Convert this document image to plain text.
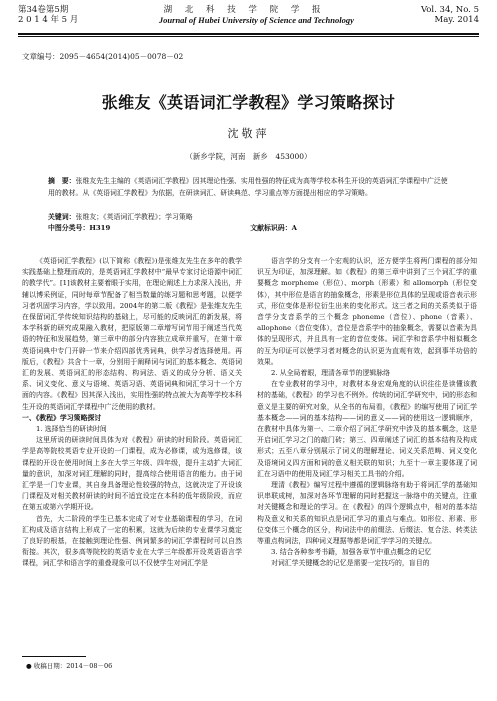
第34卷第5期	湖 北 科 技 学 院 学 报	Vol. 34, No. 5
2 0 1 4 年 5 月	Journal of Hubei University of Science and Technology	May. 2014
文章编号：2095－4654(2014)05－0078－02
张维友《英语词汇学教程》学习策略探讨
沈敬萍
（新乡学院，河南　新乡　453000）
摘　要：张维友先生主编的《英语词汇学教程》因其理论性强、实用性强的特征成为高等学校本科生开设的英语词汇学课程中广泛使用的教材。从《英语词汇学教程》为依据，在研读词汇、研读典范、学习重点等方面提出相应的学习策略。
关键词：张维友；《英语词汇学教程》；学习策略
中图分类号：H319	文献标识码：A

《英语词汇学教程》(以下简称《教程》)是张维友先生在多年的教学实践基础上整理而成的，是英语词汇学教材中“最早专家讨论语源中词汇的教学代”。[1]该教材主要着眼于实用，在理论阐述上力求深入浅出，并辅以博采例证，同时每章节配备了相当数量的练习题和思考题，以便学习者巩固学习内容，学以致用。2004年的第二版《教程》是张维友先生在保留词汇学传统知识结构的基础上，尽可能的反映词汇的新发展，将本学科新的研究成果融入教材，把原版第二章增写词节用于阐述当代英语的特征和发展趋势，第三章中的部分内容独立成章并重写，在第十章英语词典中专门开辟一节来介绍四部优秀词典，供学习者选择使用。再版后，《教程》共含十一章，分别用于阐释词与词汇的基本概念、英语词汇的发展、英语词汇的形态结构、构词法、语义的成分分析、语义关系、词义变化、意义与语境、英语习语、英语词典和词汇学习十一个方面的内容。《教程》因其深入浅出，实用性强的特点被大为高等学校本科生开设的英语词汇学课程中广泛使用的教材。

一、《教程》学习策略探讨
1. 选择恰当的研读时间

这里所说的研读时间具体为对《教程》研读的时间阶段。英语词汇学是高等院校英语专业开设的一门课程，成为必修课，或为选修课，该课程的开设在使用时间上多在大学三年级、四年级，提升主动扩大词汇量的意识，加深对词汇理解的同时，提高综合使用语言的能力。由于词汇学是一门专业课，其自身具备理论性较强的特点，这就决定了开设该门课程及对相关教材研读的时间不适宜设定在本科的低年级阶段，而应在第五或第六学期开设。

首先，大二阶段的学生已基本完成了对专业基础课程的学习，在词汇构成及语言结构上形成了一定的积累，这就为后续的专业课学习奠定了良好的根基，在接触到理论性强、例词繁多的词汇学课程时可以自然衔接。其次，很多高等院校的英语专业在大学三年级都开设英语语言学课程，词汇学和语言学的重叠现象可以不仅使学生对词汇学是

语言学的分支有一个宏观的认识，还方便学生将两门课程的部分知识互为印证，加深理解。如《教程》的第三章中讲到了三个词汇学的重要概念 morpheme（形位）、morph（形素）和 allomorph（形位变体），其中形位是语言的抽象概念，形素是形位具体的呈现或语音表示形式，形位变体是形位衍生出来的变化形式。这三者之间的关系类似于语音学分支音系学的三个概念 phoneme（音位）、phone（音素）、allophone（音位变体），音位是音系学中的抽象概念，需要以音素为具体的呈现形式，并且具有一定的音位变体。词汇学和音系学中相似概念的互为印证可以使学习者对概念的认识更为直观有效，起到事半功倍的效果。

2. 从全局着眼，理清各章节的逻辑脉络

在专业教材的学习中，对教材本身宏观角度的认识往往是读懂该教材的基础，《教程》的学习也不例外。传统的词汇学研究中，词的形态和意义是主要的研究对象，从全书的布局看，《教程》的编写使用了词汇学基本概念——词的基本结构——词的意义——词的使用这一逻辑顺序，在教材中具体为第一、二章介绍了词汇学研究中涉及的基本概念，这是开启词汇学习之门的敲门砖；第三、四章阐述了词汇的基本结构及构成形式；五至八章分别展示了词义的理解理论、词义关系范畴、词义变化及语境词义四方面和词的意义相关联的知识；九至十一章主要体现了词汇在习语中的使用及词汇学习相关工具书的介绍。

理清《教程》编写过程中遵循的逻辑脉络有助于将词汇学的基础知识串联成树，加深对各环节理解的同时把握这一脉络中的关键点，注重对关键概念和理论的学习。在《教程》的四个逻辑点中，相对的基本结构及意义和关系的知识点是词汇学习的重点与难点。如形位、形素、形位变体三个概念的区分，构词法中的前缀法、后缀法、复合法、转类法等重点构词法，四种词义理据等都是词汇学学习的关键点。

3. 结合各种参考书籍，加强各章节中重点概念的记忆

对词汇学关键概念的记忆是需要一定技巧的，盲目的

● 收稿日期：2014－08－06
